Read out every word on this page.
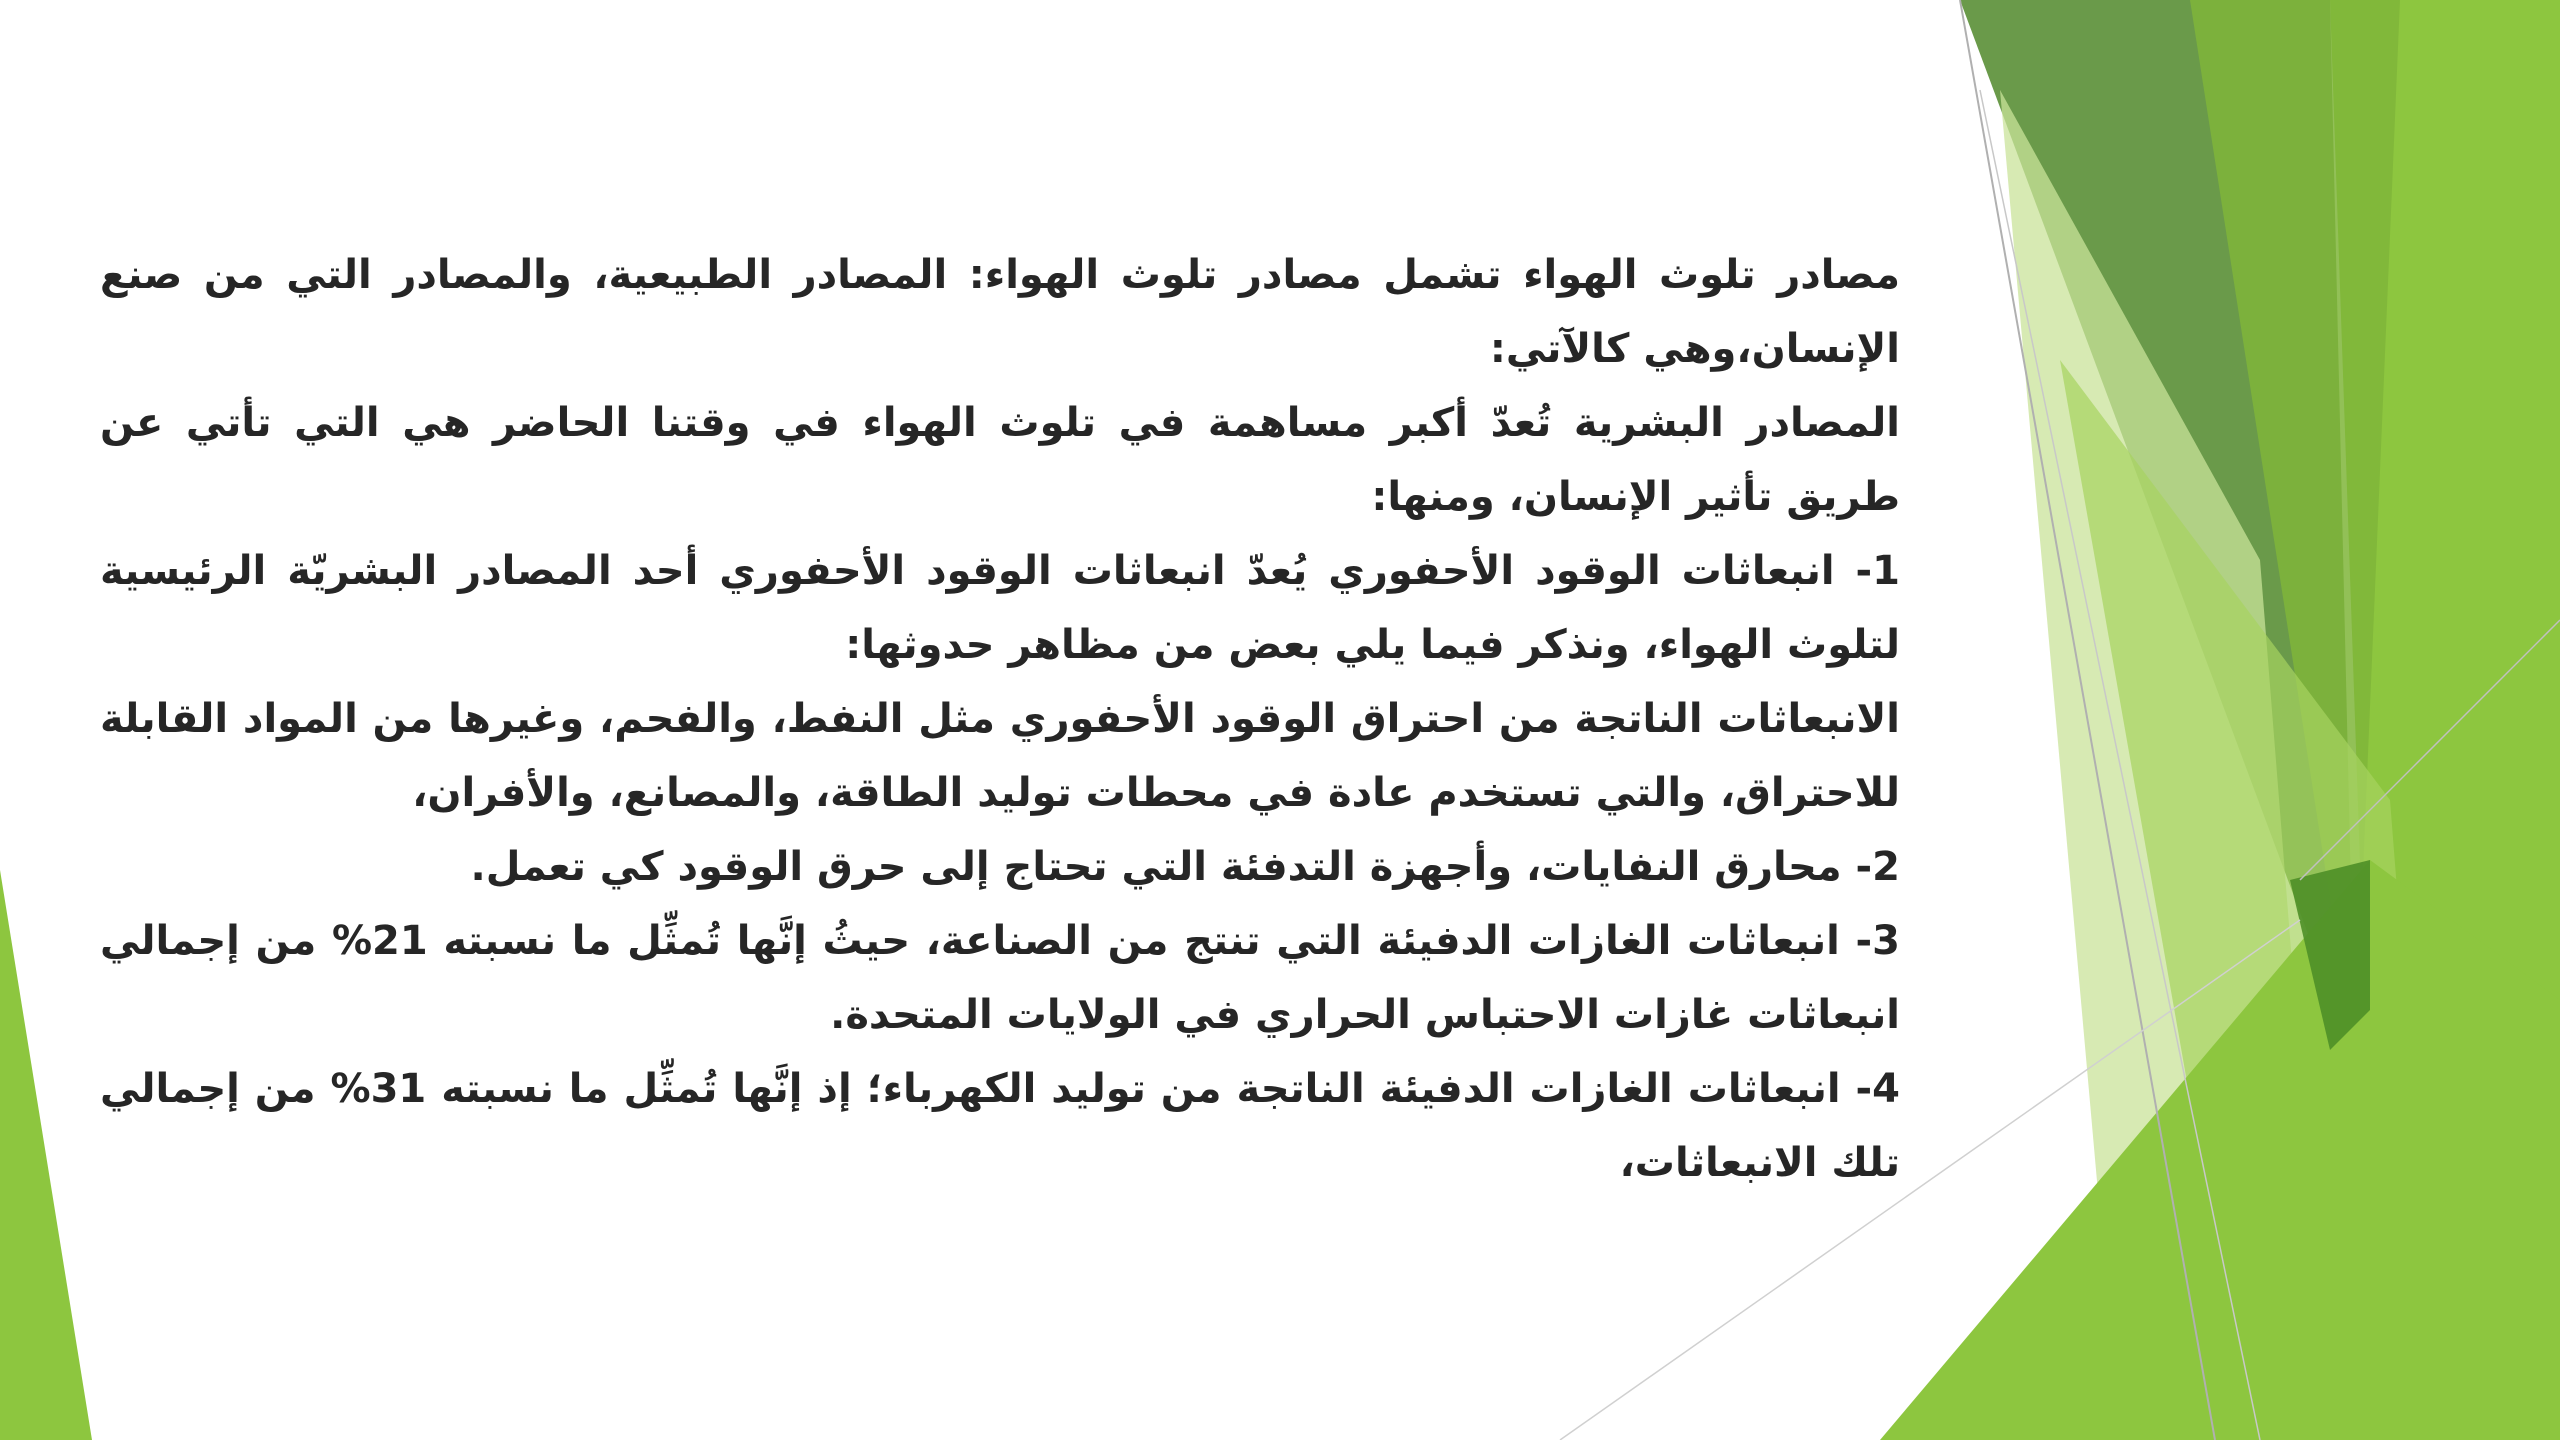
مصادر تلوث الهواء تشمل مصادر تلوث الهواء: المصادر الطبيعية، والمصادر التي من صنع الإنسان،وهي كالآتي:

المصادر البشرية تُعدّ أكبر مساهمة في تلوث الهواء في وقتنا الحاضر هي التي تأتي عن طريق تأثير الإنسان، ومنها:

1- انبعاثات الوقود الأحفوري يُعدّ انبعاثات الوقود الأحفوري أحد المصادر البشريّة الرئيسية لتلوث الهواء، ونذكر فيما يلي بعض من مظاهر حدوثها:

الانبعاثات الناتجة من احتراق الوقود الأحفوري مثل النفط، والفحم، وغيرها من المواد القابلة للاحتراق، والتي تستخدم عادة في محطات توليد الطاقة، والمصانع، والأفران،

2- محارق النفايات، وأجهزة التدفئة التي تحتاج إلى حرق الوقود كي تعمل.

3- انبعاثات الغازات الدفيئة التي تنتج من الصناعة، حيثُ إنَّها تُمثِّل ما نسبته 21% من إجمالي انبعاثات غازات الاحتباس الحراري في الولايات المتحدة.

4- انبعاثات الغازات الدفيئة الناتجة من توليد الكهرباء؛ إذ إنَّها تُمثِّل ما نسبته 31% من إجمالي تلك الانبعاثات،
